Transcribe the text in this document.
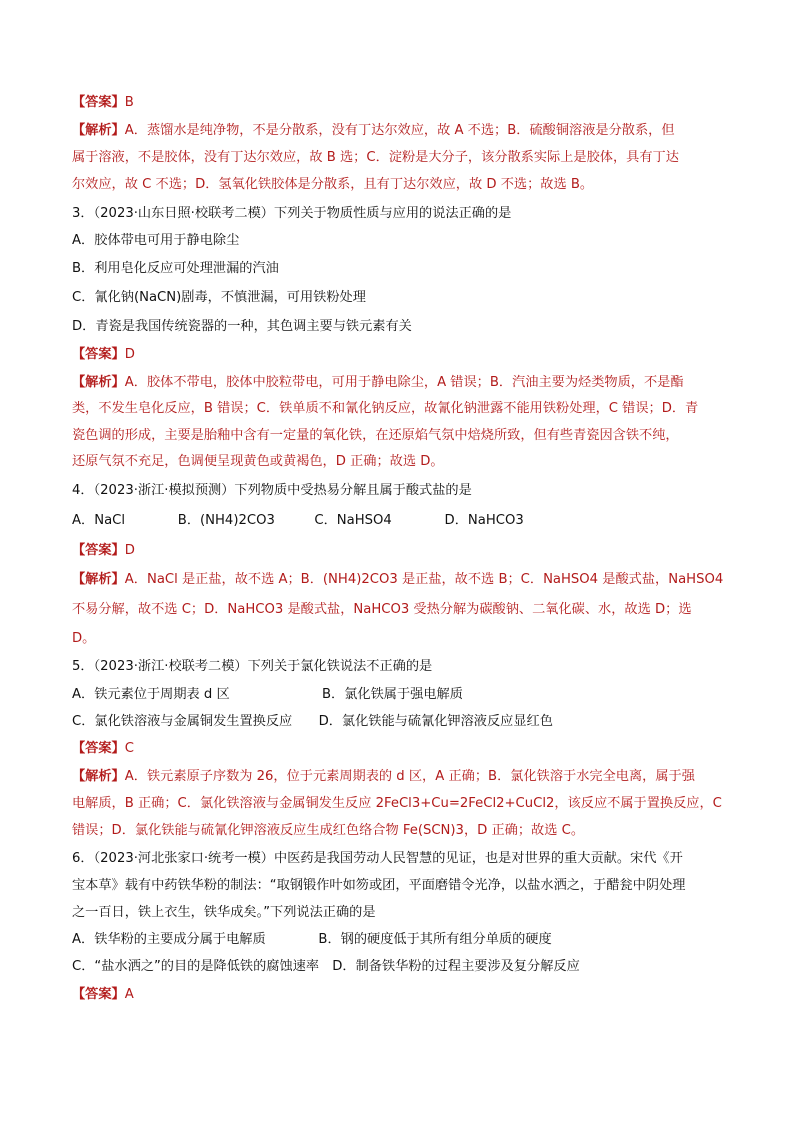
【答案】B
【解析】A．蒸馏水是纯净物，不是分散系，没有丁达尔效应，故 A 不选；B．硫酸铜溶液是分散系，但
属于溶液，不是胶体，没有丁达尔效应，故 B 选；C．淀粉是大分子，该分散系实际上是胶体，具有丁达
尔效应，故 C 不选；D．氢氧化铁胶体是分散系，且有丁达尔效应，故 D 不选；故选 B。
3．（2023·山东日照·校联考二模）下列关于物质性质与应用的说法正确的是
A．胶体带电可用于静电除尘
B．利用皂化反应可处理泄漏的汽油
C．氰化钠(NaCN)剧毒，不慎泄漏，可用铁粉处理
D．青瓷是我国传统瓷器的一种，其色调主要与铁元素有关
【答案】D
【解析】A．胶体不带电，胶体中胶粒带电，可用于静电除尘，A 错误；B．汽油主要为烃类物质，不是酯
类，不发生皂化反应，B 错误；C．铁单质不和氰化钠反应，故氰化钠泄露不能用铁粉处理，C 错误；D．青
瓷色调的形成，主要是胎釉中含有一定量的氧化铁，在还原焰气氛中焙烧所致，但有些青瓷因含铁不纯，
还原气氛不充足，色调便呈现黄色或黄褐色，D 正确；故选 D。
4．（2023·浙江·模拟预测）下列物质中受热易分解且属于酸式盐的是
A．NaCl　　　　B．(NH4)2CO3　　　C．NaHSO4　　　　D．NaHCO3
【答案】D
【解析】A．NaCl 是正盐，故不选 A；B．(NH4)2CO3 是正盐，故不选 B；C．NaHSO4 是酸式盐，NaHSO4
不易分解，故不选 C；D．NaHCO3 是酸式盐，NaHCO3 受热分解为碳酸钠、二氧化碳、水，故选 D；选
D。
5．（2023·浙江·校联考二模）下列关于氯化铁说法不正确的是
A．铁元素位于周期表 d 区　　　　　　　B．氯化铁属于强电解质
C．氯化铁溶液与金属铜发生置换反应　　D．氯化铁能与硫氰化钾溶液反应显红色
【答案】C
【解析】A．铁元素原子序数为 26，位于元素周期表的 d 区，A 正确；B．氯化铁溶于水完全电离，属于强
电解质，B 正确；C．氯化铁溶液与金属铜发生反应 2FeCl3+Cu=2FeCl2+CuCl2，该反应不属于置换反应，C
错误；D．氯化铁能与硫氰化钾溶液反应生成红色络合物 Fe(SCN)3，D 正确；故选 C。
6．（2023·河北张家口·统考一模）中医药是我国劳动人民智慧的见证，也是对世界的重大贡献。宋代《开
宝本草》载有中药铁华粉的制法：“取钢锻作叶如笏或团，平面磨错令光净，以盐水洒之，于醋瓮中阴处理
之一百日，铁上衣生，铁华成矣。”下列说法正确的是
A．铁华粉的主要成分属于电解质　　　　B．钢的硬度低于其所有组分单质的硬度
C．“盐水洒之”的目的是降低铁的腐蚀速率　D．制备铁华粉的过程主要涉及复分解反应
【答案】A
